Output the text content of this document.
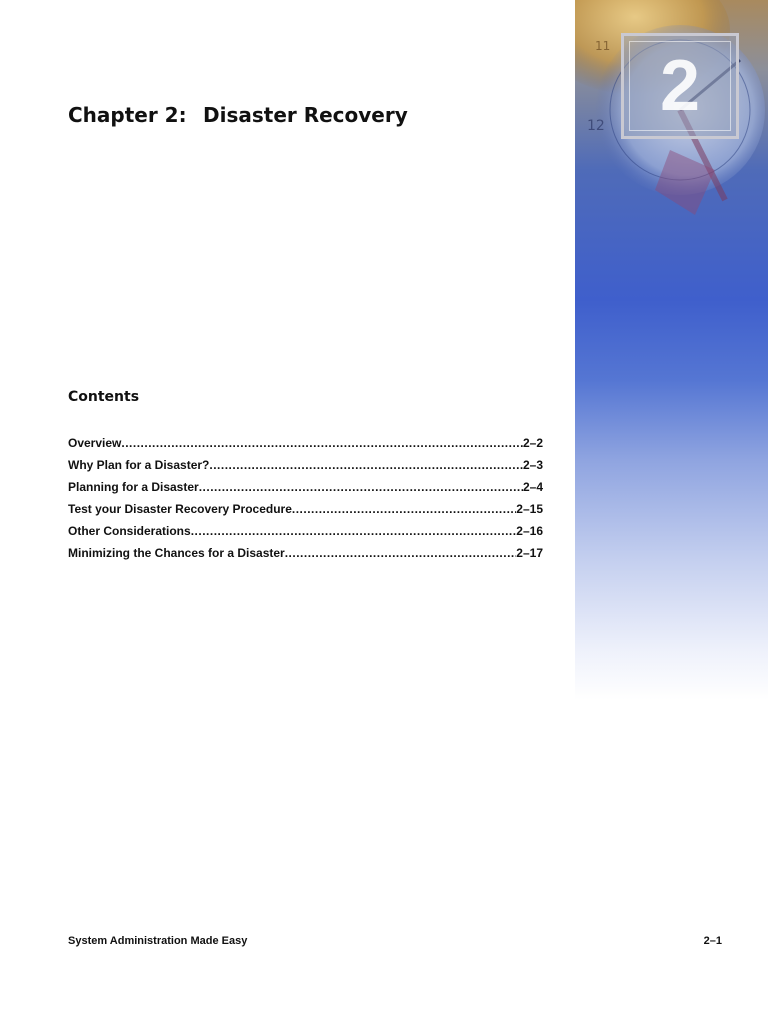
12
11 2
Chapter 2: Disaster Recovery
Contents
Overview .....	2–2
Why Plan for a Disaster? .....	2–3
Planning for a Disaster .....	2–4
Test your Disaster Recovery Procedure .....	2–15
Other Considerations .....	2–16
Minimizing the Chances for a Disaster .....	2–17
System Administration Made Easy	2–1
